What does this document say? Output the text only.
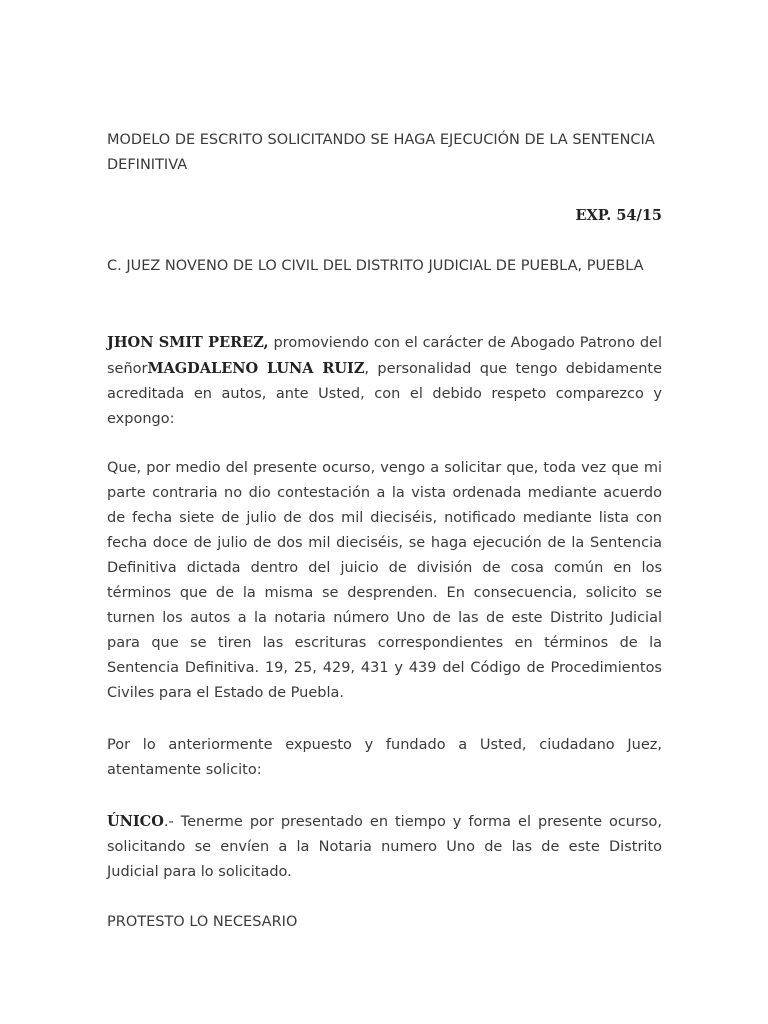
MODELO DE ESCRITO SOLICITANDO SE HAGA EJECUCIÓN DE LA SENTENCIA DEFINITIVA

EXP. 54/15

C. JUEZ NOVENO DE LO CIVIL DEL DISTRITO JUDICIAL DE PUEBLA, PUEBLA

JHON SMIT PEREZ, promoviendo con el carácter de Abogado Patrono del señorMAGDALENO LUNA RUIZ, personalidad que tengo debidamente acreditada en autos, ante Usted, con el debido respeto comparezco y expongo:

Que, por medio del presente ocurso, vengo a solicitar que, toda vez que mi parte contraria no dio contestación a la vista ordenada mediante acuerdo de fecha siete de julio de dos mil dieciséis, notificado mediante lista con fecha doce de julio de dos mil dieciséis, se haga ejecución de la Sentencia Definitiva dictada dentro del juicio de división de cosa común en los términos que de la misma se desprenden. En consecuencia, solicito se turnen los autos a la notaria número Uno de las de este Distrito Judicial para que se tiren las escrituras correspondientes en términos de la Sentencia Definitiva. 19, 25, 429, 431 y 439 del Código de Procedimientos Civiles para el Estado de Puebla.

Por lo anteriormente expuesto y fundado a Usted, ciudadano Juez, atentamente solicito:

ÚNICO.- Tenerme por presentado en tiempo y forma el presente ocurso, solicitando se envíen a la Notaria numero Uno de las de este Distrito Judicial para lo solicitado.

PROTESTO LO NECESARIO
